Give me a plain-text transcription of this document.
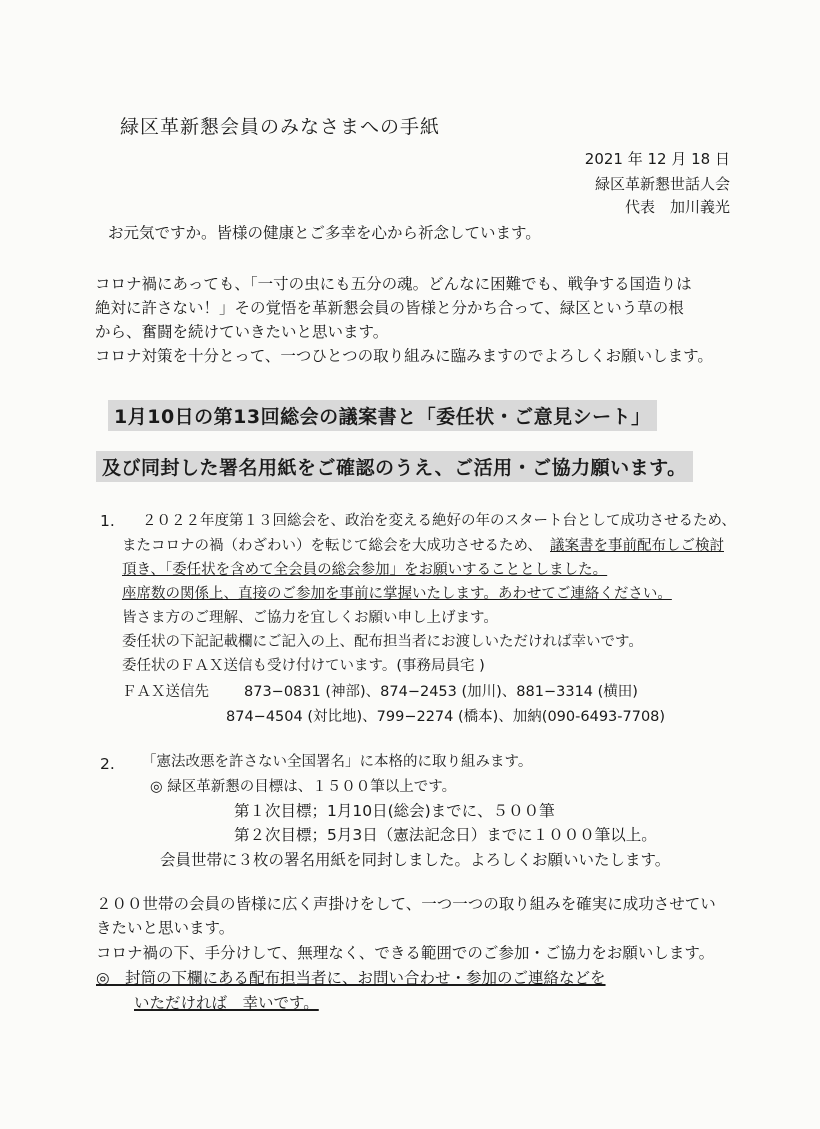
緑区革新懇会員のみなさまへの手紙
2021 年 12 月 18 日
緑区革新懇世話人会
代表　加川義光
お元気ですか。皆様の健康とご多幸を心から祈念しています。
コロナ禍にあっても、「一寸の虫にも五分の魂。どんなに困難でも、戦争する国造りは
絶対に許さない！」その覚悟を革新懇会員の皆様と分かち合って、緑区という草の根
から、奮闘を続けていきたいと思います。
コロナ対策を十分とって、一つひとつの取り組みに臨みますのでよろしくお願いします。
1月10日の第13回総会の議案書と「委任状・ご意見シート」
及び同封した署名用紙をご確認のうえ、ご活用・ご協力願います。
1. ２０２２年度第１３回総会を、政治を変える絶好の年のスタート台として成功させるため、
またコロナの禍（わざわい）を転じて総会を大成功させるため、 議案書を事前配布しご検討
頂き、「委任状を含めて全会員の総会参加」をお願いすることとしました。
座席数の関係上、直接のご参加を事前に掌握いたします。あわせてご連絡ください。
皆さま方のご理解、ご協力を宜しくお願い申し上げます。
委任状の下記記載欄にご記入の上、配布担当者にお渡しいただければ幸いです。
委任状のＦＡＸ送信も受け付けています。(事務局員宅 )
ＦＡＸ送信先 873−0831 (神部)、874−2453 (加川)、881−3314 (横田)
874−4504 (対比地)、799−2274 (橋本)、加納(090-6493-7708)
2. 「憲法改悪を許さない全国署名」に本格的に取り組みます。
◎ 緑区革新懇の目標は、１５００筆以上です。
第１次目標；1月10日(総会)までに、５００筆
第２次目標；5月3日（憲法記念日）までに１０００筆以上。
会員世帯に３枚の署名用紙を同封しました。よろしくお願いいたします。
２００世帯の会員の皆様に広く声掛けをして、一つ一つの取り組みを確実に成功させてい
きたいと思います。
コロナ禍の下、手分けして、無理なく、できる範囲でのご参加・ご協力をお願いします。
◎　封筒の下欄にある配布担当者に、お問い合わせ・参加のご連絡などを
いただければ　幸いです。
